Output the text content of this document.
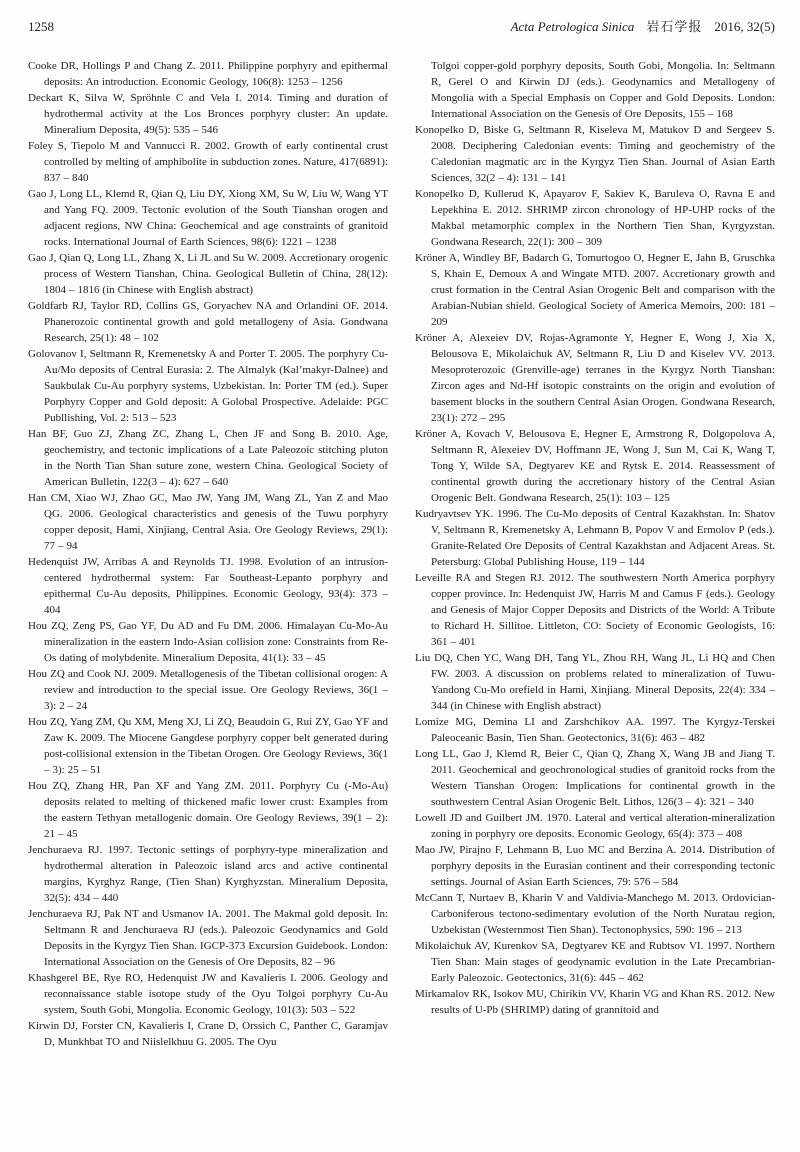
1258	Acta Petrologica Sinica 岩石学报 2016, 32(5)

Cooke DR, Hollings P and Chang Z. 2011. Philippine porphyry and epithermal deposits: An introduction. Economic Geology, 106(8): 1253 – 1256

Deckart K, Silva W, Spröhnle C and Vela I. 2014. Timing and duration of hydrothermal activity at the Los Bronces porphyry cluster: An update. Mineralium Deposita, 49(5): 535 – 546

Foley S, Tiepolo M and Vannucci R. 2002. Growth of early continental crust controlled by melting of amphibolite in subduction zones. Nature, 417(6891): 837 – 840

Gao J, Long LL, Klemd R, Qian Q, Liu DY, Xiong XM, Su W, Liu W, Wang YT and Yang FQ. 2009. Tectonic evolution of the South Tianshan orogen and adjacent regions, NW China: Geochemical and age constraints of granitoid rocks. International Journal of Earth Sciences, 98(6): 1221 – 1238

Gao J, Qian Q, Long LL, Zhang X, Li JL and Su W. 2009. Accretionary orogenic process of Western Tianshan, China. Geological Bulletin of China, 28(12): 1804 – 1816 (in Chinese with English abstract)

Goldfarb RJ, Taylor RD, Collins GS, Goryachev NA and Orlandini OF. 2014. Phanerozoic continental growth and gold metallogeny of Asia. Gondwana Research, 25(1): 48 – 102

Golovanov I, Seltmann R, Kremenetsky A and Porter T. 2005. The porphyry Cu-Au/Mo deposits of Central Eurasia: 2. The Almalyk (Kal’makyr-Dalnee) and Saukbulak Cu-Au porphyry systems, Uzbekistan. In: Porter TM (ed.). Super Porphyry Copper and Gold deposit: A Golobal Prospective. Adelaide: PGC Publlishing, Vol. 2: 513 – 523

Han BF, Guo ZJ, Zhang ZC, Zhang L, Chen JF and Song B. 2010. Age, geochemistry, and tectonic implications of a Late Paleozoic stitching pluton in the North Tian Shan suture zone, western China. Geological Society of American Bulletin, 122(3 – 4): 627 – 640

Han CM, Xiao WJ, Zhao GC, Mao JW, Yang JM, Wang ZL, Yan Z and Mao QG. 2006. Geological characteristics and genesis of the Tuwu porphyry copper deposit, Hami, Xinjiang, Central Asia. Ore Geology Reviews, 29(1): 77 – 94

Hedenquist JW, Arribas A and Reynolds TJ. 1998. Evolution of an intrusion-centered hydrothermal system: Far Southeast-Lepanto porphyry and epithermal Cu-Au deposits, Philippines. Economic Geology, 93(4): 373 – 404

Hou ZQ, Zeng PS, Gao YF, Du AD and Fu DM. 2006. Himalayan Cu-Mo-Au mineralization in the eastern Indo-Asian collision zone: Constraints from Re-Os dating of molybdenite. Mineralium Deposita, 41(1): 33 – 45

Hou ZQ and Cook NJ. 2009. Metallogenesis of the Tibetan collisional orogen: A review and introduction to the special issue. Ore Geology Reviews, 36(1 – 3): 2 – 24

Hou ZQ, Yang ZM, Qu XM, Meng XJ, Li ZQ, Beaudoin G, Rui ZY, Gao YF and Zaw K. 2009. The Miocene Gangdese porphyry copper belt generated during post-collisional extension in the Tibetan Orogen. Ore Geology Reviews, 36(1 – 3): 25 – 51

Hou ZQ, Zhang HR, Pan XF and Yang ZM. 2011. Porphyry Cu (-Mo-Au) deposits related to melting of thickened mafic lower crust: Examples from the eastern Tethyan metallogenic domain. Ore Geology Reviews, 39(1 – 2): 21 – 45

Jenchuraeva RJ. 1997. Tectonic settings of porphyry-type mineralization and hydrothermal alteration in Paleozoic island arcs and active continental margins, Kyrghyz Range, (Tien Shan) Kyrghyzstan. Mineralium Deposita, 32(5): 434 – 440

Jenchuraeva RJ, Pak NT and Usmanov IA. 2001. The Makmal gold deposit. In: Seltmann R and Jenchuraeva RJ (eds.). Paleozoic Geodynamics and Gold Deposits in the Kyrgyz Tien Shan. IGCP-373 Excursion Guidebook. London: International Association on the Genesis of Ore Deposits, 82 – 96

Khashgerel BE, Rye RO, Hedenquist JW and Kavalieris I. 2006. Geology and reconnaissance stable isotope study of the Oyu Tolgoi porphyry Cu-Au system, South Gobi, Mongolia. Economic Geology, 101(3): 503 – 522

Kirwin DJ, Forster CN, Kavalieris I, Crane D, Orssich C, Panther C, Garamjav D, Munkhbat TO and Niislelkhuu G. 2005. The Oyu

Tolgoi copper-gold porphyry deposits, South Gobi, Mongolia. In: Seltmann R, Gerel O and Kirwin DJ (eds.). Geodynamics and Metallogeny of Mongolia with a Special Emphasis on Copper and Gold Deposits. London: International Association on the Genesis of Ore Deposits, 155 – 168

Konopelko D, Biske G, Seltmann R, Kiseleva M, Matukov D and Sergeev S. 2008. Deciphering Caledonian events: Timing and geochemistry of the Caledonian magmatic arc in the Kyrgyz Tien Shan. Journal of Asian Earth Sciences, 32(2 – 4): 131 – 141

Konopelko D, Kullerud K, Apayarov F, Sakiev K, Baruleva O, Ravna E and Lepekhina E. 2012. SHRIMP zircon chronology of HP-UHP rocks of the Makbal metamorphic complex in the Northern Tien Shan, Kyrgyzstan. Gondwana Research, 22(1): 300 – 309

Kröner A, Windley BF, Badarch G, Tomurtogoo O, Hegner E, Jahn B, Gruschka S, Khain E, Demoux A and Wingate MTD. 2007. Accretionary growth and crust formation in the Central Asian Orogenic Belt and comparison with the Arabian-Nubian shield. Geological Society of America Memoirs, 200: 181 – 209

Kröner A, Alexeiev DV, Rojas-Agramonte Y, Hegner E, Wong J, Xia X, Belousova E, Mikolaichuk AV, Seltmann R, Liu D and Kiselev VV. 2013. Mesoproterozoic (Grenville-age) terranes in the Kyrgyz North Tianshan: Zircon ages and Nd-Hf isotopic constraints on the origin and evolution of basement blocks in the southern Central Asian Orogen. Gondwana Research, 23(1): 272 – 295

Kröner A, Kovach V, Belousova E, Hegner E, Armstrong R, Dolgopolova A, Seltmann R, Alexeiev DV, Hoffmann JE, Wong J, Sun M, Cai K, Wang T, Tong Y, Wilde SA, Degtyarev KE and Rytsk E. 2014. Reassessment of continental growth during the accretionary history of the Central Asian Orogenic Belt. Gondwana Research, 25(1): 103 – 125

Kudryavtsev YK. 1996. The Cu-Mo deposits of Central Kazakhstan. In: Shatov V, Seltmann R, Kremenetsky A, Lehmann B, Popov V and Ermolov P (eds.). Granite-Related Ore Deposits of Central Kazakhstan and Adjacent Areas. St. Petersburg: Global Publishing House, 119 – 144

Leveille RA and Stegen RJ. 2012. The southwestern North America porphyry copper province. In: Hedenquist JW, Harris M and Camus F (eds.). Geology and Genesis of Major Copper Deposits and Districts of the World: A Tribute to Richard H. Sillitoe. Littleton, CO: Society of Economic Geologists, 16: 361 – 401

Liu DQ, Chen YC, Wang DH, Tang YL, Zhou RH, Wang JL, Li HQ and Chen FW. 2003. A discussion on problems related to mineralization of Tuwu-Yandong Cu-Mo orefield in Hami, Xinjiang. Mineral Deposits, 22(4): 334 – 344 (in Chinese with English abstract)

Lomize MG, Demina LI and Zarshchikov AA. 1997. The Kyrgyz-Terskei Paleoceanic Basin, Tien Shan. Geotectonics, 31(6): 463 – 482

Long LL, Gao J, Klemd R, Beier C, Qian Q, Zhang X, Wang JB and Jiang T. 2011. Geochemical and geochronological studies of granitoid rocks from the Western Tianshan Orogen: Implications for continental growth in the southwestern Central Asian Orogenic Belt. Lithos, 126(3 – 4): 321 – 340

Lowell JD and Guilbert JM. 1970. Lateral and vertical alteration-mineralization zoning in porphyry ore deposits. Economic Geology, 65(4): 373 – 408

Mao JW, Pirajno F, Lehmann B, Luo MC and Berzina A. 2014. Distribution of porphyry deposits in the Eurasian continent and their corresponding tectonic settings. Journal of Asian Earth Sciences, 79: 576 – 584

McCann T, Nurtaev B, Kharin V and Valdivia-Manchego M. 2013. Ordovician-Carboniferous tectono-sedimentary evolution of the North Nuratau region, Uzbekistan (Westernmost Tien Shan). Tectonophysics, 590: 196 – 213

Mikolaichuk AV, Kurenkov SA, Degtyarev KE and Rubtsov VI. 1997. Northern Tien Shan: Main stages of geodynamic evolution in the Late Precambrian-Early Paleozoic. Geotectonics, 31(6): 445 – 462

Mirkamalov RK, Isokov MU, Chirikin VV, Kharin VG and Khan RS. 2012. New results of U-Pb (SHRIMP) dating of grannitoid and
